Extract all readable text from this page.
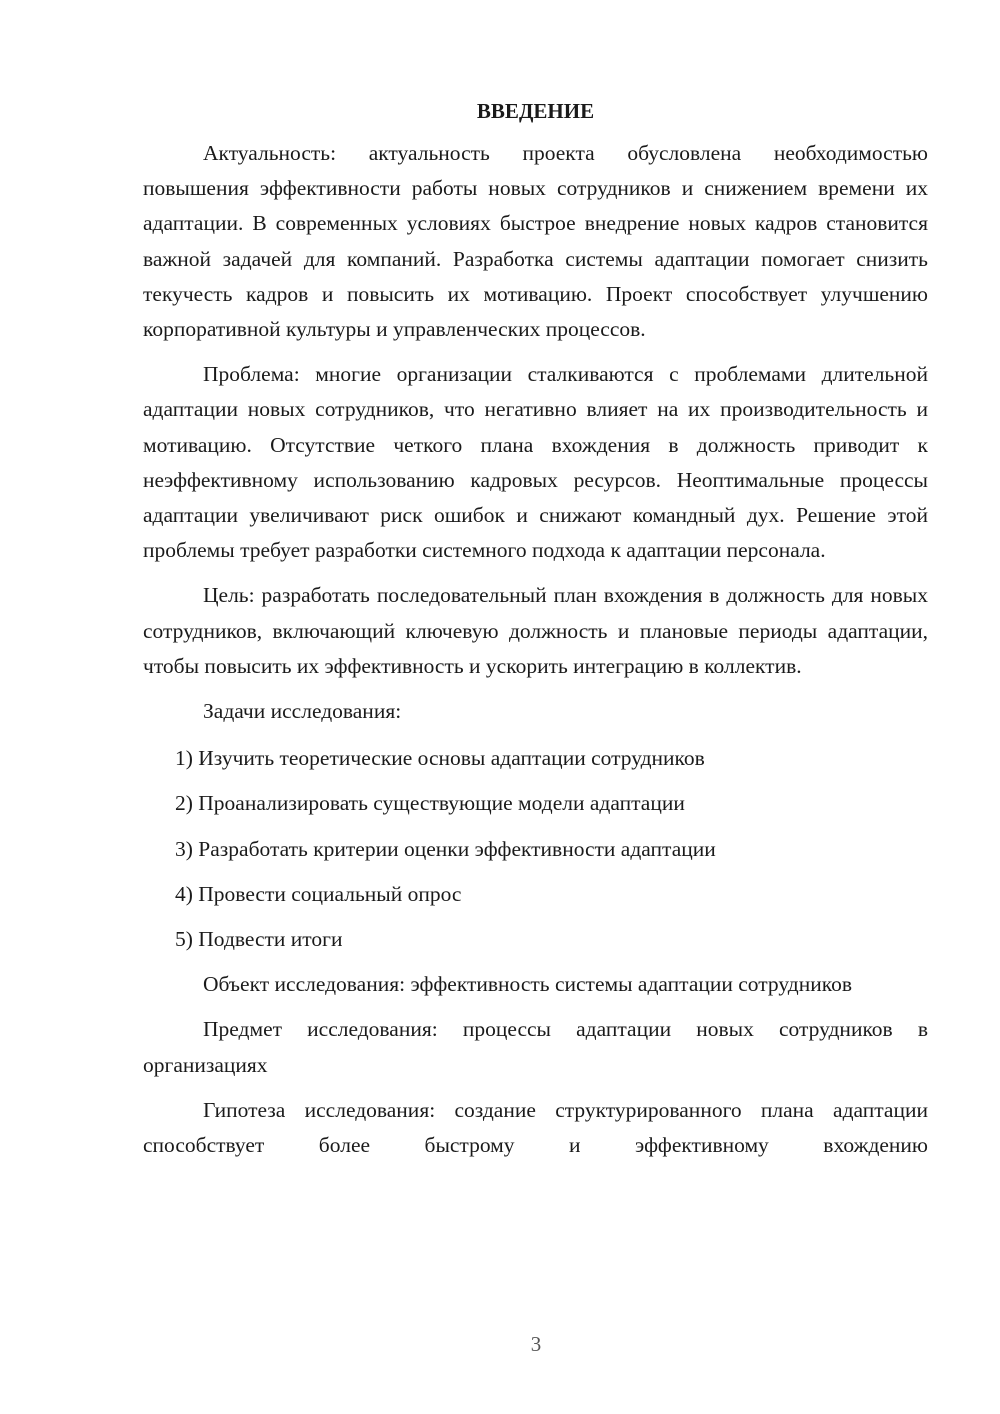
ВВЕДЕНИЕ

Актуальность: актуальность проекта обусловлена необходимостью повышения эффективности работы новых сотрудников и снижением времени их адаптации. В современных условиях быстрое внедрение новых кадров становится важной задачей для компаний. Разработка системы адаптации помогает снизить текучесть кадров и повысить их мотивацию. Проект способствует улучшению корпоративной культуры и управленческих процессов.

Проблема: многие организации сталкиваются с проблемами длительной адаптации новых сотрудников, что негативно влияет на их производительность и мотивацию. Отсутствие четкого плана вхождения в должность приводит к неэффективному использованию кадровых ресурсов. Неоптимальные процессы адаптации увеличивают риск ошибок и снижают командный дух. Решение этой проблемы требует разработки системного подхода к адаптации персонала.

Цель: разработать последовательный план вхождения в должность для новых сотрудников, включающий ключевую должность и плановые периоды адаптации, чтобы повысить их эффективность и ускорить интеграцию в коллектив.

Задачи исследования:
1) Изучить теоретические основы адаптации сотрудников
2) Проанализировать существующие модели адаптации
3) Разработать критерии оценки эффективности адаптации
4) Провести социальный опрос
5) Подвести итоги

Объект исследования: эффективность системы адаптации сотрудников

Предмет исследования: процессы адаптации новых сотрудников в организациях

Гипотеза исследования: создание структурированного плана адаптации способствует более быстрому и эффективному вхождению

3
